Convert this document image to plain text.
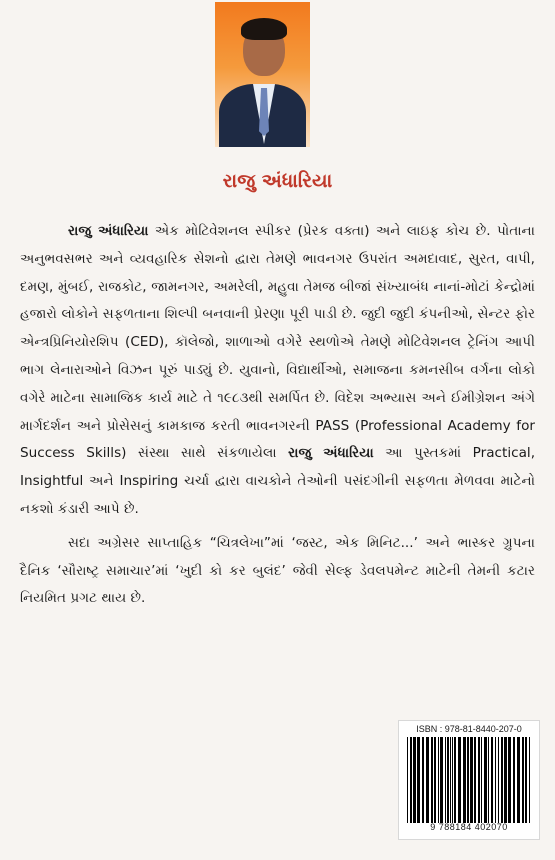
રાજુ અંધારિયા

રાજુ અંધારિયા એક મોટિવેશનલ સ્પીકર (પ્રેરક વક્તા) અને લાઇફ કોચ છે. પોતાના અનુભવસભર અને વ્યવહારિક સેશનો દ્વારા તેમણે ભાવનગર ઉપરાંત અમદાવાદ, સુરત, વાપી, દમણ, મુંબઈ, રાજકોટ, જામનગર, અમરેલી, મહુવા તેમજ બીજાં સંખ્યાબંધ નાનાં-મોટાં કેન્દ્રોમાં હજારો લોકોને સફળતાના શિલ્પી બનવાની પ્રેરણા પૂરી પાડી છે. જુદી જુદી કંપનીઓ, સેન્ટર ફોર એન્ત્રપ્રિનિયોરશિપ (CED), કૉલેજો, શાળાઓ વગેરે સ્થળોએ તેમણે મોટિવેશનલ ટ્રેનિંગ આપી ભાગ લેનારાઓને વિઝન પૂરું પાડ્યું છે. યુવાનો, વિદ્યાર્થીઓ, સમાજના કમનસીબ વર્ગના લોકો વગેરે માટેના સામાજિક કાર્ય માટે તે ૧૯૮૩થી સમર્પિત છે. વિદેશ અભ્યાસ અને ઈમીગ્રેશન અંગે માર્ગદર્શન અને પ્રોસેસનું કામકાજ કરતી ભાવનગરની PASS (Professional Academy for Success Skills) સંસ્થા સાથે સંકળાયેલા રાજુ અંધારિયા આ પુસ્તકમાં Practical, Insightful અને Inspiring ચર્ચા દ્વારા વાચકોને તેઓની પસંદગીની સફળતા મેળવવા માટેનો નકશો કંડારી આપે છે.

સદા અગ્રેસર સાપ્તાહિક “ચિત્રલેખા”માં ‘જસ્ટ, એક મિનિટ...’ અને ભાસ્કર ગ્રુપના દૈનિક ‘સૌરાષ્ટ્ર સમાચાર’માં ‘ખુદી કો કર બુલંદ’ જેવી સેલ્ફ ડેવલપમેન્ટ માટેની તેમની કટાર નિયમિત પ્રગટ થાય છે.

ISBN : 978-81-8440-207-0
9 788184 402070
